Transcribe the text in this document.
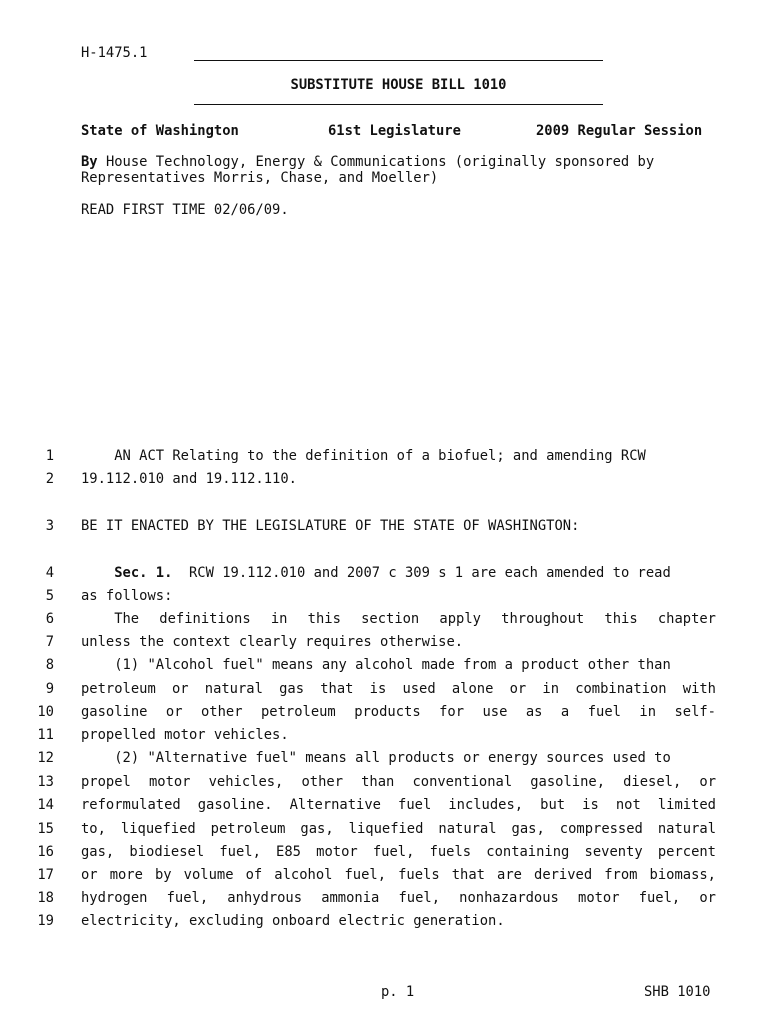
H-1475.1
SUBSTITUTE HOUSE BILL 1010
State of Washington	61st Legislature	2009 Regular Session
By House Technology, Energy & Communications (originally sponsored by
Representatives Morris, Chase, and Moeller)
READ FIRST TIME 02/06/09.
1 AN ACT Relating to the definition of a biofuel; and amending RCW
2 19.112.010 and 19.112.110.
3 BE IT ENACTED BY THE LEGISLATURE OF THE STATE OF WASHINGTON:
4	Sec. 1.  RCW 19.112.010 and 2007 c 309 s 1 are each amended to read
5 as follows:
6	The definitions in this section apply throughout this chapter
7 unless the context clearly requires otherwise.
8 (1) "Alcohol fuel" means any alcohol made from a product other than
9 petroleum or natural gas that is used alone or in combination with
10 gasoline or other petroleum products for use as a fuel in self-
11 propelled motor vehicles.
12 (2) "Alternative fuel" means all products or energy sources used to
13 propel motor vehicles, other than conventional gasoline, diesel, or
14 reformulated gasoline. Alternative fuel includes, but is not limited
15 to, liquefied petroleum gas, liquefied natural gas, compressed natural
16 gas, biodiesel fuel, E85 motor fuel, fuels containing seventy percent
17 or more by volume of alcohol fuel, fuels that are derived from biomass,
18 hydrogen fuel, anhydrous ammonia fuel, nonhazardous motor fuel, or
19 electricity, excluding onboard electric generation.
p. 1	SHB 1010
